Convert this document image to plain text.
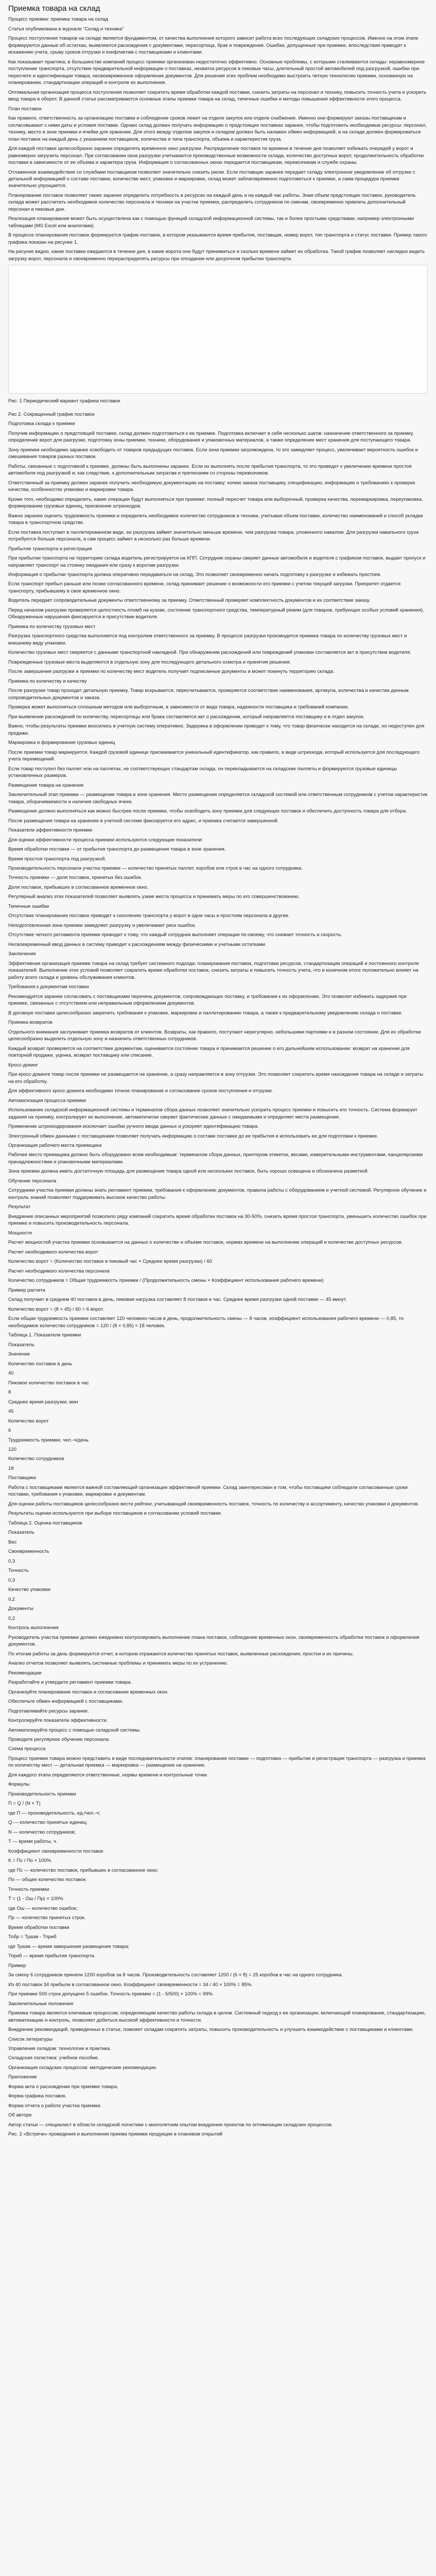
Приемка товара на склад

Процесс приемки: приемка товара на склад

Статья опубликована в журнале "Склад и техника"

Процесс поступления товаров на складе является фундаментом, от качества выполнения которого зависит работа всех последующих складских процессов. Именно на этом этапе формируются данные об остатках, выявляются расхождения с документами, пересортица, брак и повреждения. Ошибки, допущенные при приемке, впоследствии приводят к искажению учета, срыву сроков отгрузки и конфликтам с поставщиками и клиентами.

Как показывает практика, в большинстве компаний процесс приемки организован недостаточно эффективно. Основные проблемы, с которыми сталкиваются склады: неравномерное поступление транспорта, отсутствие предварительной информации о поставках, нехватка ресурсов в пиковые часы, длительный простой автомобилей под разгрузкой, ошибки при пересчете и идентификации товара, несвоевременное оформление документов. Для решения этих проблем необходимо выстроить четкую технологию приемки, основанную на планировании, стандартизации операций и контроле их выполнения.

Оптимальная организация процесса поступления позволяет сократить время обработки каждой поставки, снизить затраты на персонал и технику, повысить точность учета и ускорить ввод товара в оборот. В данной статье рассматриваются основные этапы приемки товара на склад, типичные ошибки и методы повышения эффективности этого процесса.

План поставок

Как правило, ответственность за организацию поставки и соблюдение сроков лежит на отделе закупок или отделе снабжения. Именно они формируют заказы поставщикам и согласовывают с ними даты и условия поставки. Однако склад должен получать информацию о предстоящих поставках заранее, чтобы подготовить необходимые ресурсы: персонал, технику, место в зоне приемки и ячейки для хранения. Для этого между отделом закупок и складом должен быть налажен обмен информацией, а на складе должен формироваться план поставок на каждый день с указанием поставщиков, количества и типа транспорта, объема и характеристик груза.

Для каждой поставки целесообразно заранее определять временное окно разгрузки. Распределение поставок по времени в течение дня позволяет избежать очередей у ворот и равномерно загрузить персонал. При согласовании окна разгрузки учитываются производственные возможности склада, количество доступных ворот, продолжительность обработки поставки в зависимости от ее объема и характера груза. Информация о согласованных окнах передается поставщикам, перевозчикам и службе охраны.

Отлаженное взаимодействие со службами поставщиков позволяет значительно снизить риски. Если поставщик заранее передает складу электронное уведомление об отгрузке с детальной информацией о составе поставки, количестве мест, упаковке и маркировке, склад может заблаговременно подготовиться к приемке, а сама процедура приемки значительно упрощается.

Планирование поставок позволяет также заранее определить потребность в ресурсах на каждый день и на каждый час работы. Зная объем предстоящих поставок, руководитель склада может рассчитать необходимое количество персонала и техники на участке приемки, распределить сотрудников по сменам, своевременно привлечь дополнительный персонал в пиковые дни.

Реализация планирования может быть осуществлена как с помощью функций складской информационной системы, так и более простыми средствами, например электронными таблицами (MS Excel или аналогами).

В процессе планирования поставок формируется график поставок, в котором указываются время прибытия, поставщик, номер ворот, тип транспорта и статус поставки. Пример такого графика показан на рисунке 1.

На рисунке видно, какие поставки ожидаются в течение дня, в какие ворота они будут приниматься и сколько времени займет их обработка. Такой график позволяет наглядно видеть загрузку ворот, персонала и своевременно перераспределять ресурсы при опоздании или досрочном прибытии транспорта.

Рис. 1 Периодический вариант графика поставок

Рис 2. Сокращенный график поставок

Подготовка склада к приемке

Получив информацию о предстоящей поставке, склад должен подготовиться к ее приемке. Подготовка включает в себя несколько шагов: назначение ответственного за приемку, определение ворот для разгрузки, подготовку зоны приемки, техники, оборудования и упаковочных материалов, а также определение мест хранения для поступающего товара.

Зону приемки необходимо заранее освободить от товаров предыдущих поставок. Если зона приемки загромождена, то это замедляет процесс, увеличивает вероятность ошибок и смешивания товаров разных поставок.

Работы, связанные с подготовкой к приемке, должны быть выполнены заранее. Если их выполнять после прибытия транспорта, то это приведет к увеличению времени простоя автомобиля под разгрузкой и, как следствие, к дополнительным затратам и претензиям со стороны перевозчиков.

Ответственный за приемку должен заранее получить необходимую документацию на поставку: копию заказа поставщику, спецификацию, информацию о требованиях к проверке качества, особенностях упаковки и маркировки товара.

Кроме того, необходимо определить, какие операции будут выполняться при приемке: полный пересчет товара или выборочный, проверка качества, перемаркировка, переупаковка, формирование грузовых единиц, присвоение штрихкодов.

Важно заранее оценить трудоемкость приемки и определить необходимое количество сотрудников и техники, учитывая объем поставки, количество наименований и способ укладки товара в транспортном средстве.

Если поставка поступает в паллетированном виде, ее разгрузка займет значительно меньше времени, чем разгрузка товара, уложенного навалом. Для разгрузки навального груза потребуется больше персонала, а сам процесс займет в несколько раз больше времени.

Прибытие транспорта и регистрация

При прибытии транспорта на территорию склада водитель регистрируется на КПП. Сотрудник охраны сверяет данные автомобиля и водителя с графиком поставок, выдает пропуск и направляет транспорт на стоянку ожидания или сразу к воротам разгрузки.

Информация о прибытии транспорта должна оперативно передаваться на склад. Это позволяет своевременно начать подготовку к разгрузке и избежать простоев.

Если транспорт прибыл раньше или позже согласованного времени, склад принимает решение о возможности его приемки с учетом текущей загрузки. Приоритет отдается транспорту, прибывшему в свое временное окно.

Водитель передает сопроводительные документы ответственному за приемку. Ответственный проверяет комплектность документов и их соответствие заказу.

Перед началом разгрузки проверяется целостность пломб на кузове, состояние транспортного средства, температурный режим (для товаров, требующих особых условий хранения). Обнаруженные нарушения фиксируются в присутствии водителя.

Приемка по количеству грузовых мест

Разгрузка транспортного средства выполняется под контролем ответственного за приемку. В процессе разгрузки производится приемка товара по количеству грузовых мест и внешнему виду упаковки.

Количество грузовых мест сверяется с данными транспортной накладной. При обнаружении расхождений или повреждений упаковки составляется акт в присутствии водителя.

Поврежденные грузовые места выделяются в отдельную зону для последующего детального осмотра и принятия решения.

После завершения разгрузки и приемки по количеству мест водитель получает подписанные документы и может покинуть территорию склада.

Приемка по количеству и качеству

После разгрузки товар проходит детальную приемку. Товар вскрывается, пересчитывается, проверяется соответствие наименования, артикула, количества и качества данным сопроводительных документов и заказа.

Проверка может выполняться сплошным методом или выборочным, в зависимости от вида товара, надежности поставщика и требований компании.

При выявлении расхождений по количеству, пересортицы или брака составляется акт о расхождении, который направляется поставщику и в отдел закупок.

Важно, чтобы результаты приемки вносились в учетную систему оперативно. Задержка в оформлении приводит к тому, что товар физически находится на складе, но недоступен для продажи.

Маркировка и формирование грузовых единиц

После приемки товар маркируется. Каждой грузовой единице присваивается уникальный идентификатор, как правило, в виде штрихкода, который используется для последующего учета перемещений.

Если товар поступил без паллет или на паллетах, не соответствующих стандартам склада, он перекладывается на складские паллеты и формируются грузовые единицы установленных размеров.

Размещение товара на хранение

Заключительный этап приемки — размещение товара в зоне хранения. Место размещения определяется складской системой или ответственным сотрудником с учетом характеристик товара, оборачиваемости и наличия свободных ячеек.

Размещение должно выполняться как можно быстрее после приемки, чтобы освободить зону приемки для следующих поставок и обеспечить доступность товара для отбора.

После размещения товара на хранение в учетной системе фиксируется его адрес, и приемка считается завершенной.

Показатели эффективности приемки

Для оценки эффективности процесса приемки используются следующие показатели:

Время обработки поставки — от прибытия транспорта до размещения товара в зоне хранения.

Время простоя транспорта под разгрузкой.

Производительность персонала участка приемки — количество принятых паллет, коробов или строк в час на одного сотрудника.

Точность приемки — доля поставок, принятых без ошибок.

Доля поставок, прибывших в согласованное временное окно.

Регулярный анализ этих показателей позволяет выявлять узкие места процесса и принимать меры по его совершенствованию.

Типичные ошибки

Отсутствие планирования поставок приводит к скоплению транспорта у ворот в одни часы и простоям персонала в другие.

Неподготовленная зона приемки замедляет разгрузку и увеличивает риск ошибок.

Отсутствие четкого регламента приемки приводит к тому, что каждый сотрудник выполняет операции по-своему, что снижает точность и скорость.

Несвоевременный ввод данных в систему приводит к расхождениям между физическими и учетными остатками.

Заключение

Эффективная организация приемки товара на склад требует системного подхода: планирования поставок, подготовки ресурсов, стандартизации операций и постоянного контроля показателей. Выполнение этих условий позволяет сократить время обработки поставок, снизить затраты и повысить точность учета, что в конечном итоге положительно влияет на работу всего склада и уровень обслуживания клиентов.

Требования к документам поставки

Рекомендуется заранее согласовать с поставщиками перечень документов, сопровождающих поставку, и требования к их оформлению. Это позволит избежать задержек при приемке, связанных с отсутствием или неправильным оформлением документов.

В договоре поставки целесообразно закрепить требования к упаковке, маркировке и паллетированию товара, а также к предварительному уведомлению склада о поставке.

Приемка возвратов

Отдельного внимания заслуживает приемка возвратов от клиентов. Возвраты, как правило, поступают нерегулярно, небольшими партиями и в разном состоянии. Для их обработки целесообразно выделить отдельную зону и назначить ответственных сотрудников.

Каждый возврат проверяется на соответствие документам, оценивается состояние товара и принимается решение о его дальнейшем использовании: возврат на хранение для повторной продажи, уценка, возврат поставщику или списание.

Кросс-докинг

При кросс-докинге товар после приемки не размещается на хранение, а сразу направляется в зону отгрузки. Это позволяет сократить время нахождения товара на складе и затраты на его обработку.

Для эффективного кросс-докинга необходимо точное планирование и согласование сроков поступления и отгрузки.

Автоматизация процесса приемки

Использование складской информационной системы и терминалов сбора данных позволяет значительно ускорить процесс приемки и повысить его точность. Система формирует задания на приемку, контролирует их выполнение, автоматически сверяет фактические данные с ожидаемыми и определяет места размещения.

Применение штрихкодирования исключает ошибки ручного ввода данных и ускоряет идентификацию товара.

Электронный обмен данными с поставщиками позволяет получать информацию о составе поставки до ее прибытия и использовать ее для подготовки к приемке.

Организация рабочего места приемщика

Рабочее место приемщика должно быть оборудовано всем необходимым: терминалом сбора данных, принтером этикеток, весами, измерительными инструментами, канцелярскими принадлежностями и упаковочными материалами.

Зона приемки должна иметь достаточную площадь для размещения товара одной или нескольких поставок, быть хорошо освещена и обозначена разметкой.

Обучение персонала

Сотрудники участка приемки должны знать регламент приемки, требования к оформлению документов, правила работы с оборудованием и учетной системой. Регулярное обучение и контроль знаний позволяют поддерживать высокое качество работы.

Результат

Внедрение описанных мероприятий позволило ряду компаний сократить время обработки поставок на 30-50%, снизить время простоя транспорта, уменьшить количество ошибок при приемке и повысить производительность персонала.

Мощности

Расчет мощностей участка приемки основывается на данных о количестве и объеме поставок, нормах времени на выполнение операций и количестве доступных ресурсов.

Расчет необходимого количества ворот

Количество ворот = (Количество поставок в пиковый час × Среднее время разгрузки) / 60

Расчет необходимого количества персонала

Количество сотрудников = Общая трудоемкость приемки / (Продолжительность смены × Коэффициент использования рабочего времени)

Пример расчета

Склад получает в среднем 40 поставок в день, пиковая нагрузка составляет 8 поставок в час. Среднее время разгрузки одной поставки — 45 минут.

Количество ворот = (8 × 45) / 60 = 6 ворот.

Если общая трудоемкость приемки составляет 120 человеко-часов в день, продолжительность смены — 8 часов, коэффициент использования рабочего времени — 0,85, то необходимое количество сотрудников = 120 / (8 × 0,85) ≈ 18 человек.

Таблица 1. Показатели приемки

Показатель

Значение

Количество поставок в день

40

Пиковое количество поставок в час

8

Среднее время разгрузки, мин

45

Количество ворот

6

Трудоемкость приемки, чел.-ч/день

120

Количество сотрудников

18

Поставщики

Работа с поставщиками является важной составляющей организации эффективной приемки. Склад заинтересован в том, чтобы поставщики соблюдали согласованные сроки поставки, требования к упаковке, маркировке и документам.

Для оценки работы поставщиков целесообразно вести рейтинг, учитывающий своевременность поставок, точность по количеству и ассортименту, качество упаковки и документов.

Результаты оценки используются при выборе поставщиков и согласовании условий поставки.

Таблица 2. Оценка поставщиков

Показатель

Вес

Своевременность

0,3

Точность

0,3

Качество упаковки

0,2

Документы

0,2

Контроль выполнения

Руководитель участка приемки должен ежедневно контролировать выполнение плана поставок, соблюдение временных окон, своевременность обработки поставок и оформления документов.

По итогам работы за день формируется отчет, в котором отражаются количество принятых поставок, выявленные расхождения, простои и их причины.

Анализ отчетов позволяет выявлять системные проблемы и принимать меры по их устранению.

Рекомендации

Разработайте и утвердите регламент приемки товара.

Организуйте планирование поставок и согласование временных окон.

Обеспечьте обмен информацией с поставщиками.

Подготавливайте ресурсы заранее.

Контролируйте показатели эффективности.

Автоматизируйте процесс с помощью складской системы.

Проводите регулярное обучение персонала.

Схема процесса

Процесс приемки товара можно представить в виде последовательности этапов: планирование поставки — подготовка — прибытие и регистрация транспорта — разгрузка и приемка по количеству мест — детальная приемка — маркировка — размещение на хранение.

Для каждого этапа определяются ответственные, нормы времени и контрольные точки.

Формулы

Производительность приемки

П = Q / (N × T)

где П — производительность, ед./чел.-ч;

Q — количество принятых единиц;

N — количество сотрудников;

T — время работы, ч.

Коэффициент своевременности поставок

К = Пс / По × 100%

где Пс — количество поставок, прибывших в согласованное окно;

По — общее количество поставок.

Точность приемки

Т = (1 - Ош / Пр) × 100%

где Ош — количество ошибок;

Пр — количество принятых строк.

Время обработки поставки

Тобр = Тразм - Тприб

где Тразм — время завершения размещения товара;

Тприб — время прибытия транспорта.

Пример

За смену 6 сотрудников приняли 1200 коробов за 8 часов. Производительность составляет 1200 / (6 × 8) = 25 коробов в час на одного сотрудника.

Из 40 поставок 34 прибыли в согласованное окно. Коэффициент своевременности = 34 / 40 × 100% = 85%.

При приемке 500 строк допущено 5 ошибок. Точность приемки = (1 - 5/500) × 100% = 99%.

Заключительные положения

Приемка товара является ключевым процессом, определяющим качество работы склада в целом. Системный подход к ее организации, включающий планирование, стандартизацию, автоматизацию и контроль, позволяет добиться высокой эффективности и точности.

Внедрение рекомендаций, приведенных в статье, поможет складам сократить затраты, повысить производительность и улучшить взаимодействие с поставщиками и клиентами.

Список литературы

Управление складом: технологии и практика.

Складская логистика: учебное пособие.

Организация складских процессов: методические рекомендации.

Приложение

Форма акта о расхождении при приемке товара.

Форма графика поставок.

Форма отчета о работе участка приемки.

Об авторе

Автор статьи — специалист в области складской логистики с многолетним опытом внедрения проектов по оптимизации складских процессов.

Рис. 2 «Встречи» проведения и выполнения приема приемки продукции в плановом открытий
